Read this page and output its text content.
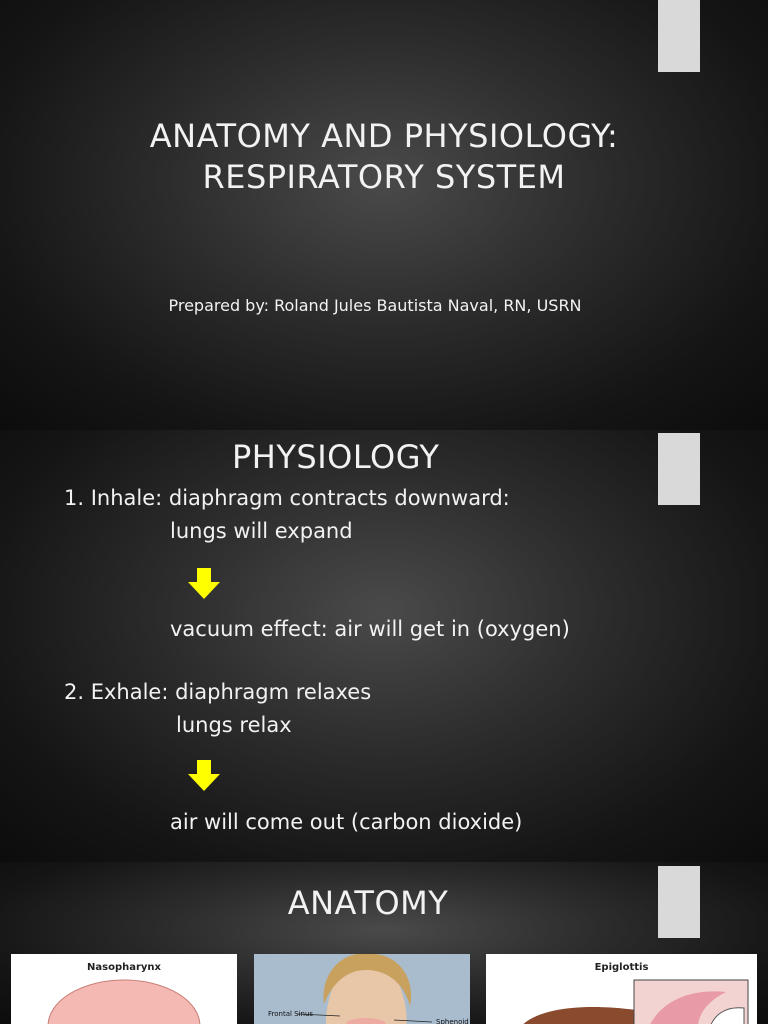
ANATOMY AND PHYSIOLOGY:
RESPIRATORY SYSTEM
Prepared by: Roland Jules Bautista Naval, RN, USRN
PHYSIOLOGY
1. Inhale: diaphragm contracts downward:
lungs will expand
vacuum effect: air will get in (oxygen)
2. Exhale: diaphragm relaxes
lungs relax
air will come out (carbon dioxide)
ANATOMY
Nasopharynx
Frontal Sinus
Sphenoid
Epiglottis
